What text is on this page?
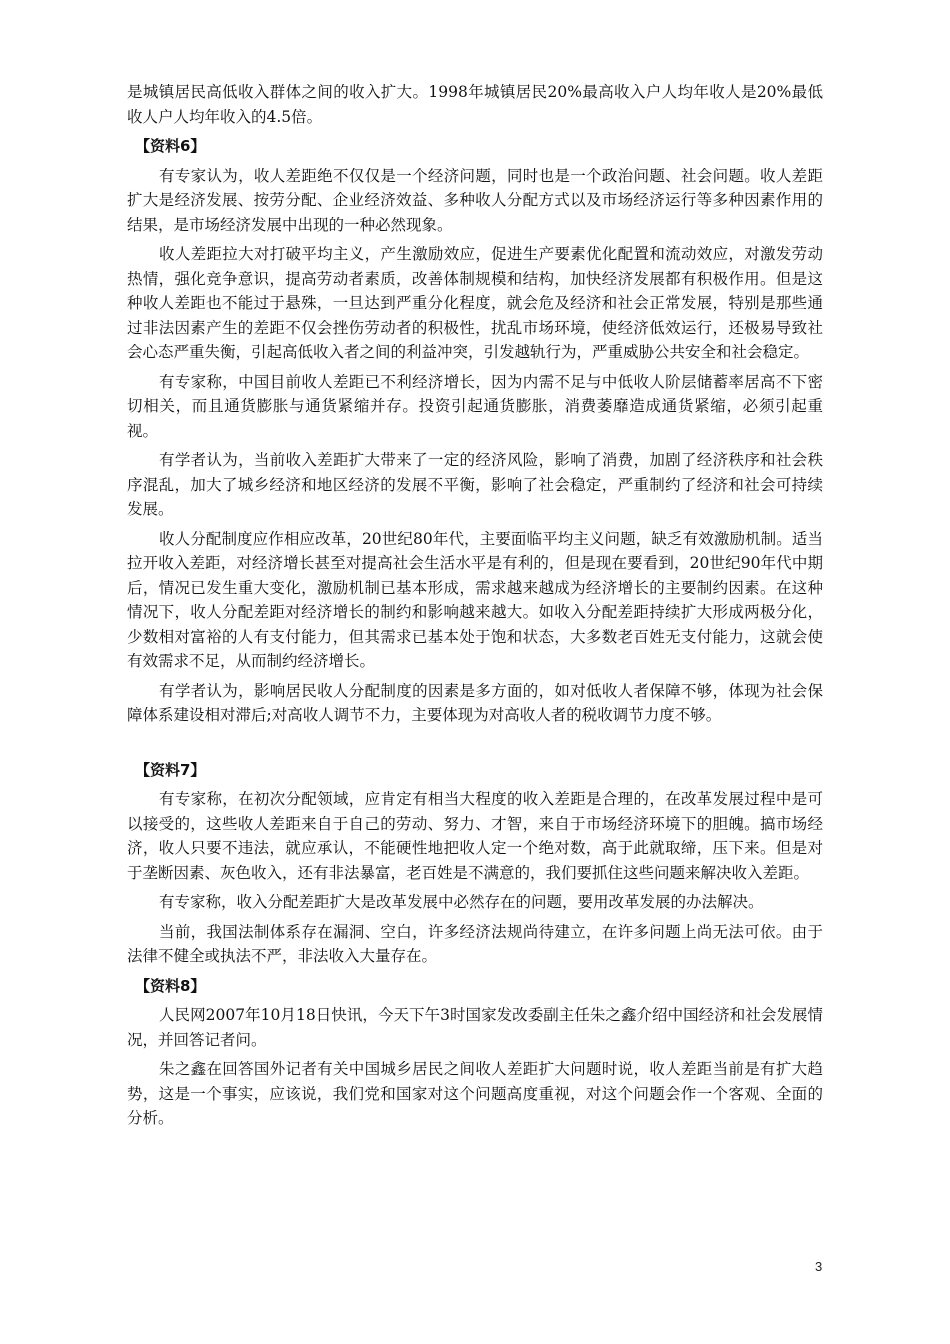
是城镇居民高低收入群体之间的收入扩大。1998年城镇居民20%最高收入户人均年收人是20%最低收人户人均年收入的4.5倍。

【资料6】

有专家认为，收人差距绝不仅仅是一个经济问题，同时也是一个政治问题、社会问题。收人差距扩大是经济发展、按劳分配、企业经济效益、多种收人分配方式以及市场经济运行等多种因素作用的结果，是市场经济发展中出现的一种必然现象。

收人差距拉大对打破平均主义，产生激励效应，促进生产要素优化配置和流动效应，对激发劳动热情，强化竞争意识，提高劳动者素质，改善体制规模和结构，加快经济发展都有积极作用。但是这种收人差距也不能过于悬殊，一旦达到严重分化程度，就会危及经济和社会正常发展，特别是那些通过非法因素产生的差距不仅会挫伤劳动者的积极性，扰乱市场环境，使经济低效运行，还极易导致社会心态严重失衡，引起高低收入者之间的利益冲突，引发越轨行为，严重威胁公共安全和社会稳定。

有专家称，中国目前收人差距已不利经济增长，因为内需不足与中低收人阶层储蓄率居高不下密切相关，而且通货膨胀与通货紧缩并存。投资引起通货膨胀，消费萎靡造成通货紧缩，必须引起重视。

有学者认为，当前收入差距扩大带来了一定的经济风险，影响了消费，加剧了经济秩序和社会秩序混乱，加大了城乡经济和地区经济的发展不平衡，影响了社会稳定，严重制约了经济和社会可持续发展。

收人分配制度应作相应改革，20世纪80年代，主要面临平均主义问题，缺乏有效激励机制。适当拉开收入差距，对经济增长甚至对提高社会生活水平是有利的，但是现在要看到，20世纪90年代中期后，情况已发生重大变化，激励机制已基本形成，需求越来越成为经济增长的主要制约因素。在这种情况下，收人分配差距对经济增长的制约和影响越来越大。如收入分配差距持续扩大形成两极分化，少数相对富裕的人有支付能力，但其需求已基本处于饱和状态，大多数老百姓无支付能力，这就会使有效需求不足，从而制约经济增长。

有学者认为，影响居民收人分配制度的因素是多方面的，如对低收人者保障不够，体现为社会保障体系建设相对滞后;对高收人调节不力，主要体现为对高收人者的税收调节力度不够。

【资料7】

有专家称，在初次分配领域，应肯定有相当大程度的收入差距是合理的，在改革发展过程中是可以接受的，这些收人差距来自于自己的劳动、努力、才智，来自于市场经济环境下的胆魄。搞市场经济，收人只要不违法，就应承认，不能硬性地把收人定一个绝对数，高于此就取缔，压下来。但是对于垄断因素、灰色收入，还有非法暴富，老百姓是不满意的，我们要抓住这些问题来解决收入差距。

有专家称，收入分配差距扩大是改革发展中必然存在的问题，要用改革发展的办法解决。

当前，我国法制体系存在漏洞、空白，许多经济法规尚待建立，在许多问题上尚无法可依。由于法律不健全或执法不严，非法收入大量存在。

【资料8】

人民网2007年10月18日快讯，今天下午3时国家发改委副主任朱之鑫介绍中国经济和社会发展情况，并回答记者问。

朱之鑫在回答国外记者有关中国城乡居民之间收人差距扩大问题时说，收人差距当前是有扩大趋势，这是一个事实，应该说，我们党和国家对这个问题高度重视，对这个问题会作一个客观、全面的分析。

3
